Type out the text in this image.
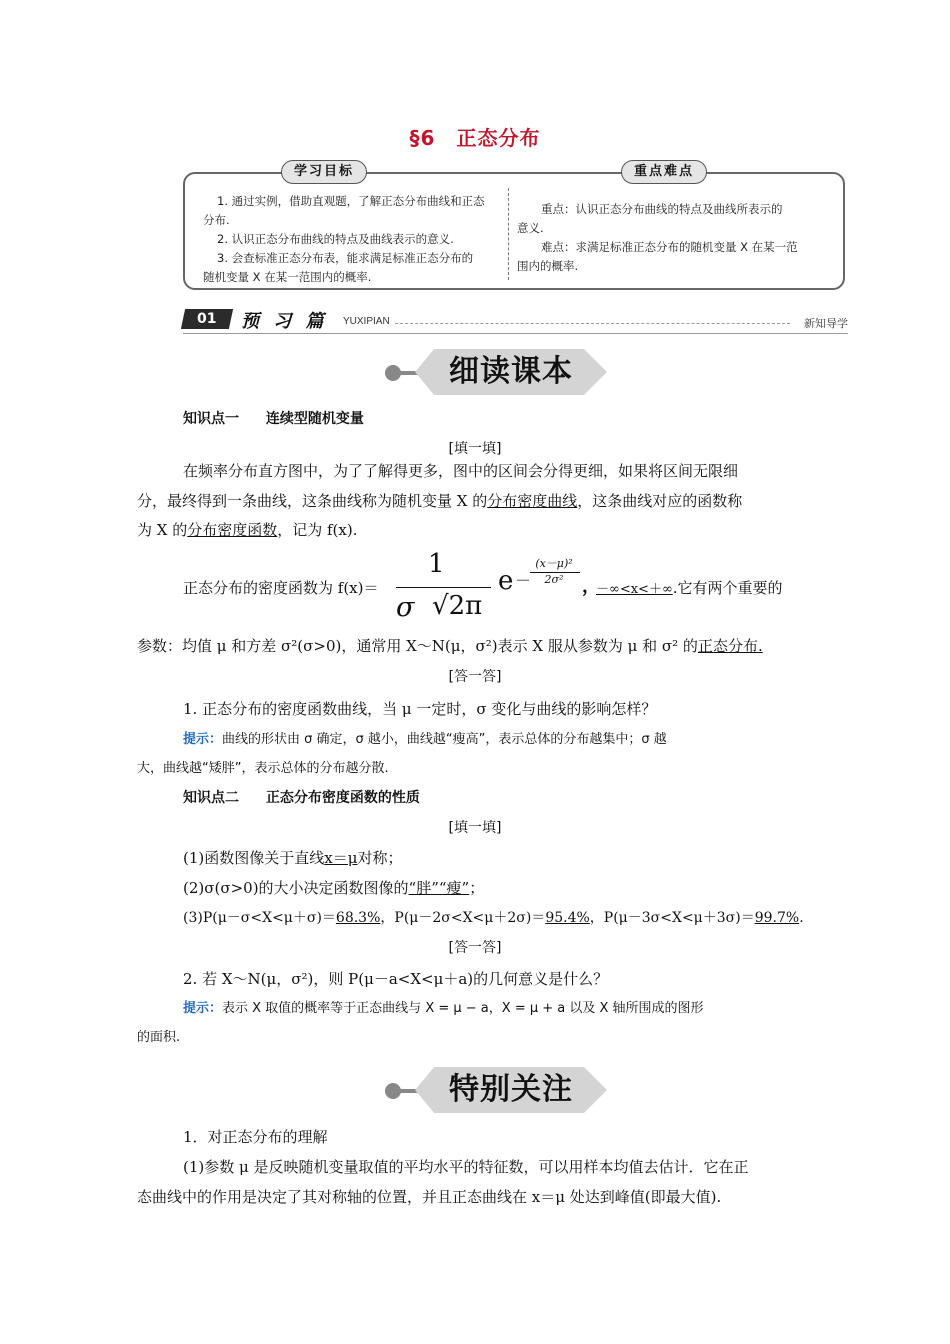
§6　正态分布
学习目标	重点难点

1. 通过实例，借助直观题，了解正态分布曲线和正态

分布.

2. 认识正态分布曲线的特点及曲线表示的意义.

3. 会查标准正态分布表，能求满足标准正态分布的

随机变量 X 在某一范围内的概率.

重点：认识正态分布曲线的特点及曲线所表示的

意义.

难点：求满足标准正态分布的随机变量 X 在某一范

围内的概率.

01	预 习 篇 YUXIPIAN	新知导学
细读课本
知识点一 连续型随机变量
[填一填]
在频率分布直方图中，为了了解得更多，图中的区间会分得更细，如果将区间无限细
分，最终得到一条曲线，这条曲线称为随机变量 X 的分布密度曲线，这条曲线对应的函数称
为 X 的分布密度函数，记为 f(x).
正态分布的密度函数为 f(x)＝
1
σ √2π
e －
(x－μ)²
2σ²	，
－∞<x<＋∞.它有两个重要的
参数：均值 μ 和方差 σ²(σ>0)，通常用 X～N(μ，σ²)表示 X 服从参数为 μ 和 σ² 的正态分布.
[答一答]
1. 正态分布的密度函数曲线，当 μ 一定时，σ 变化与曲线的影响怎样？
提示：曲线的形状由 σ 确定，σ 越小，曲线越“瘦高”，表示总体的分布越集中；σ 越
大，曲线越“矮胖”，表示总体的分布越分散.
知识点二 正态分布密度函数的性质
[填一填]
(1)函数图像关于直线x＝μ对称；
(2)σ(σ>0)的大小决定函数图像的“胖”“瘦”；
(3)P(μ－σ<X<μ＋σ)＝68.3%，P(μ－2σ<X<μ＋2σ)＝95.4%，P(μ－3σ<X<μ＋3σ)＝99.7%.
[答一答]
2. 若 X～N(μ，σ²)，则 P(μ－a<X<μ＋a)的几何意义是什么？
提示：表示 X 取值的概率等于正态曲线与 X = μ − a，X = μ + a 以及 X 轴所围成的图形
的面积.
特别关注
1．对正态分布的理解
(1)参数 μ 是反映随机变量取值的平均水平的特征数，可以用样本均值去估计．它在正
态曲线中的作用是决定了其对称轴的位置，并且正态曲线在 x＝μ 处达到峰值(即最大值).
